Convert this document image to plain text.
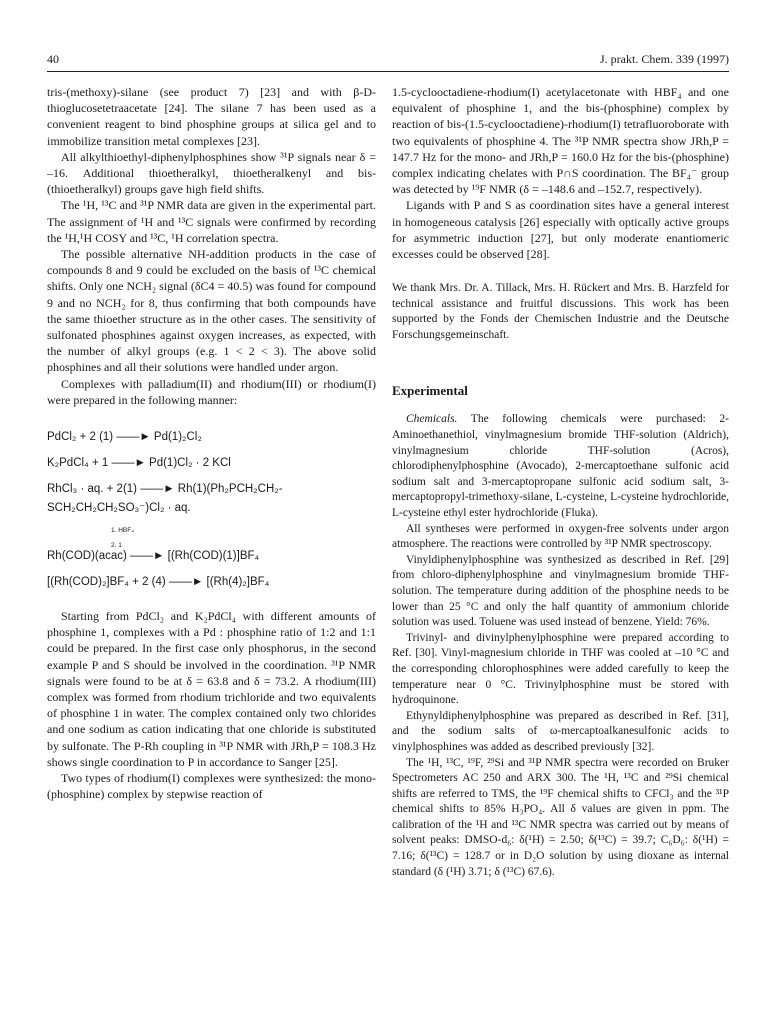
40	J. prakt. Chem. 339 (1997)

tris-(methoxy)-silane (see product 7) [23] and with β-D-thioglucosetetraacetate [24]. The silane 7 has been used as a convenient reagent to bind phosphine groups at silica gel and to immobilize transition metal complexes [23].

All alkylthioethyl-diphenylphosphines show ³¹P signals near δ = –16. Additional thioetheralkyl, thioetheralkenyl and bis-(thioetheralkyl) groups gave high field shifts.

The ¹H, ¹³C and ³¹P NMR data are given in the experimental part. The assignment of ¹H and ¹³C signals were confirmed by recording the ¹H,¹H COSY and ¹³C, ¹H correlation spectra.

The possible alternative NH-addition products in the case of compounds 8 and 9 could be excluded on the basis of ¹³C chemical shifts. Only one NCH₂ signal (δC4 = 40.5) was found for compound 9 and no NCH₂ for 8, thus confirming that both compounds have the same thioether structure as in the other cases. The sensitivity of sulfonated phosphines against oxygen increases, as expected, with the number of alkyl groups (e.g. 1 < 2 < 3). The above solid phosphines and all their solutions were handled under argon.

Complexes with palladium(II) and rhodium(III) or rhodium(I) were prepared in the following manner:

PdCl₂ + 2 (1) ——► Pd(1)₂Cl₂
K₂PdCl₄ + 1 ——► Pd(1)Cl₂ · 2 KCl
RhCl₃ · aq. + 2(1) ——► Rh(1)(Ph₂PCH₂CH₂-
SCH₂CH₂CH₂SO₃⁻)Cl₂ · aq.
1. HBF₄
2. 1
Rh(COD)(acac) ——► [(Rh(COD)(1)]BF₄
[(Rh(COD)₂]BF₄ + 2 (4) ——► [(Rh(4)₂]BF₄

Starting from PdCl₂ and K₂PdCl₄ with different amounts of phosphine 1, complexes with a Pd : phosphine ratio of 1:2 and 1:1 could be prepared. In the first case only phosphorus, in the second example P and S should be involved in the coordination. ³¹P NMR signals were found to be at δ = 63.8 and δ = 73.2. A rhodium(III) complex was formed from rhodium trichloride and two equivalents of phosphine 1 in water. The complex contained only two chlorides and one sodium as cation indicating that one chloride is substituted by sulfonate. The P-Rh coupling in ³¹P NMR with JRh,P = 108.3 Hz shows single coordination to P in accordance to Sanger [25].

Two types of rhodium(I) complexes were synthesized: the mono-(phosphine) complex by stepwise reaction of

1.5-cyclooctadiene-rhodium(I) acetylacetonate with HBF₄ and one equivalent of phosphine 1, and the bis-(phosphine) complex by reaction of bis-(1.5-cyclooctadiene)-rhodium(I) tetrafluoroborate with two equivalents of phosphine 4. The ³¹P NMR spectra show JRh,P = 147.7 Hz for the mono- and JRh,P = 160.0 Hz for the bis-(phosphine) complex indicating chelates with P∩S coordination. The BF₄⁻ group was detected by ¹⁹F NMR (δ = –148.6 and –152.7, respectively).

Ligands with P and S as coordination sites have a general interest in homogeneous catalysis [26] especially with optically active groups for asymmetric induction [27], but only moderate enantiomeric excesses could be observed [28].

We thank Mrs. Dr. A. Tillack, Mrs. H. Rückert and Mrs. B. Harzfeld for technical assistance and fruitful discussions. This work has been supported by the Fonds der Chemischen Industrie and the Deutsche Forschungsgemeinschaft.

Experimental

Chemicals. The following chemicals were purchased: 2-Aminoethanethiol, vinylmagnesium bromide THF-solution (Aldrich), vinylmagnesium chloride THF-solution (Acros), chlorodiphenylphosphine (Avocado), 2-mercaptoethane sulfonic acid sodium salt and 3-mercaptopropane sulfonic acid sodium salt, 3-mercaptopropyl-trimethoxy-silane, L-cysteine, L-cysteine hydrochloride, L-cysteine ethyl ester hydrochloride (Fluka).

All syntheses were performed in oxygen-free solvents under argon atmosphere. The reactions were controlled by ³¹P NMR spectroscopy.

Vinyldiphenylphosphine was synthesized as described in Ref. [29] from chloro-diphenylphosphine and vinylmagnesium bromide THF-solution. The temperature during addition of the phosphine needs to be lower than 25 °C and only the half quantity of ammonium chloride solution was used. Toluene was used instead of benzene. Yield: 76%.

Trivinyl- and divinylphenylphosphine were prepared according to Ref. [30]. Vinyl-magnesium chloride in THF was cooled at –10 °C and the corresponding chlorophosphines were added carefully to keep the temperature near 0 °C. Trivinylphosphine must be stored with hydroquinone.

Ethynyldiphenylphosphine was prepared as described in Ref. [31], and the sodium salts of ω-mercaptoalkanesulfonic acids to vinylphosphines was added as described previously [32].

The ¹H, ¹³C, ¹⁹F, ²⁹Si and ³¹P NMR spectra were recorded on Bruker Spectrometers AC 250 and ARX 300. The ¹H, ¹³C and ²⁹Si chemical shifts are referred to TMS, the ¹⁹F chemical shifts to CFCl₃ and the ³¹P chemical shifts to 85% H₃PO₄. All δ values are given in ppm. The calibration of the ¹H and ¹³C NMR spectra was carried out by means of solvent peaks: DMSO-d₆: δ(¹H) = 2.50; δ(¹³C) = 39.7; C₆D₆: δ(¹H) = 7.16; δ(¹³C) = 128.7 or in D₂O solution by using dioxane as internal standard (δ (¹H) 3.71; δ (¹³C) 67.6).
